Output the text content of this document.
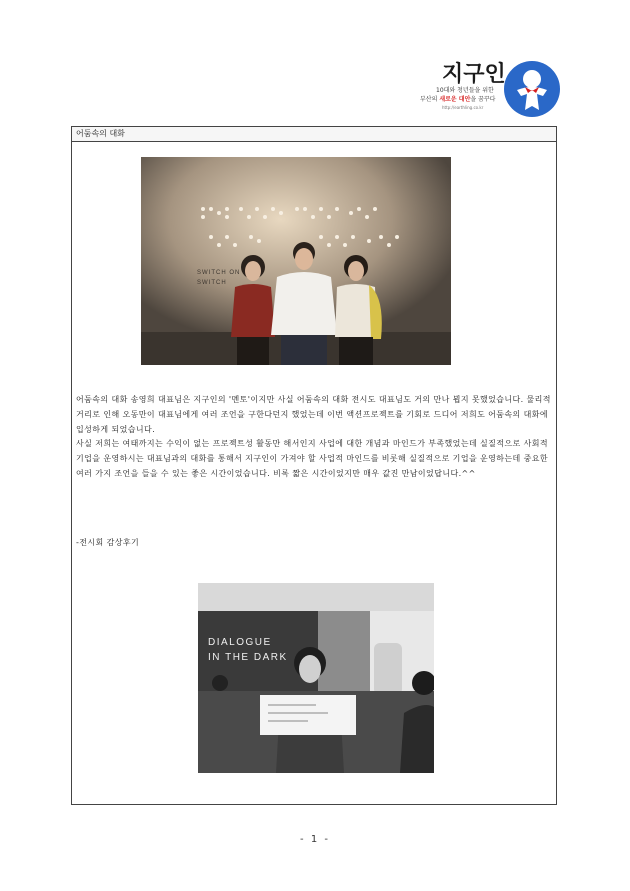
지구인
10대와 청년들을 위한
부산의 새로운 대안을 꿈꾸다
http://earthling.co.kr
어둠속의 대화
SWITCH ON
SWITCH
어둠속의 대화 송영희 대표님은 지구인의 '멘토'이지만 사실 어둠속의 대화 전시도 대표님도 거의 만나 뵙지 못했었습니다. 물리적 거리로 인해 오동만이 대표님에게 여러 조언을 구한다던지 했었는데 이번 액션프로젝트를 기회로 드디어 저희도 어둠속의 대화에 입성하게 되었습니다.
사실 저희는 여태까지는 수익이 없는 프로젝트성 활동만 해서인지 사업에 대한 개념과 마인드가 부족했었는데 실질적으로 사회적기업을 운영하시는 대표님과의 대화를 통해서 지구인이 가져야 할 사업적 마인드를 비롯해 실질적으로 기업을 운영하는데 중요한 여러 가지 조언을 들을 수 있는 좋은 시간이었습니다. 비록 짧은 시간이었지만 매우 값진 만남이었답니다.^^
-전시회 감상후기
DIALOGUE
IN THE DARK
- 1 -
